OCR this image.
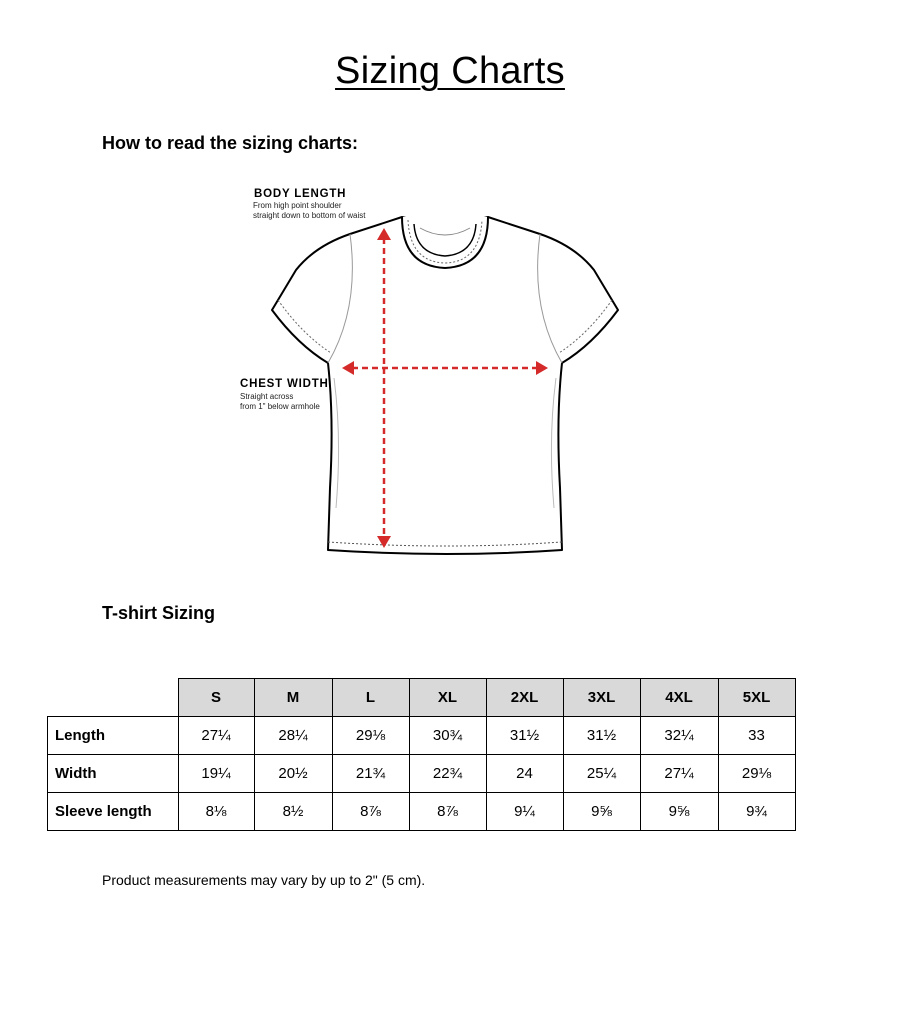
Sizing Charts
How to read the sizing charts:
BODY LENGTH
From high point shoulder
straight down to bottom of waist
CHEST WIDTH
Straight across
from 1" below armhole
T-shirt Sizing
	S	M	L	XL	2XL	3XL	4XL	5XL
Length	27¼	28¼	29⅛	30¾	31½	31½	32¼	33
Width	19¼	20½	21¾	22¾	24	25¼	27¼	29⅛
Sleeve length	8⅛	8½	8⅞	8⅞	9¼	9⅝	9⅝	9¾
Product measurements may vary by up to 2" (5 cm).
